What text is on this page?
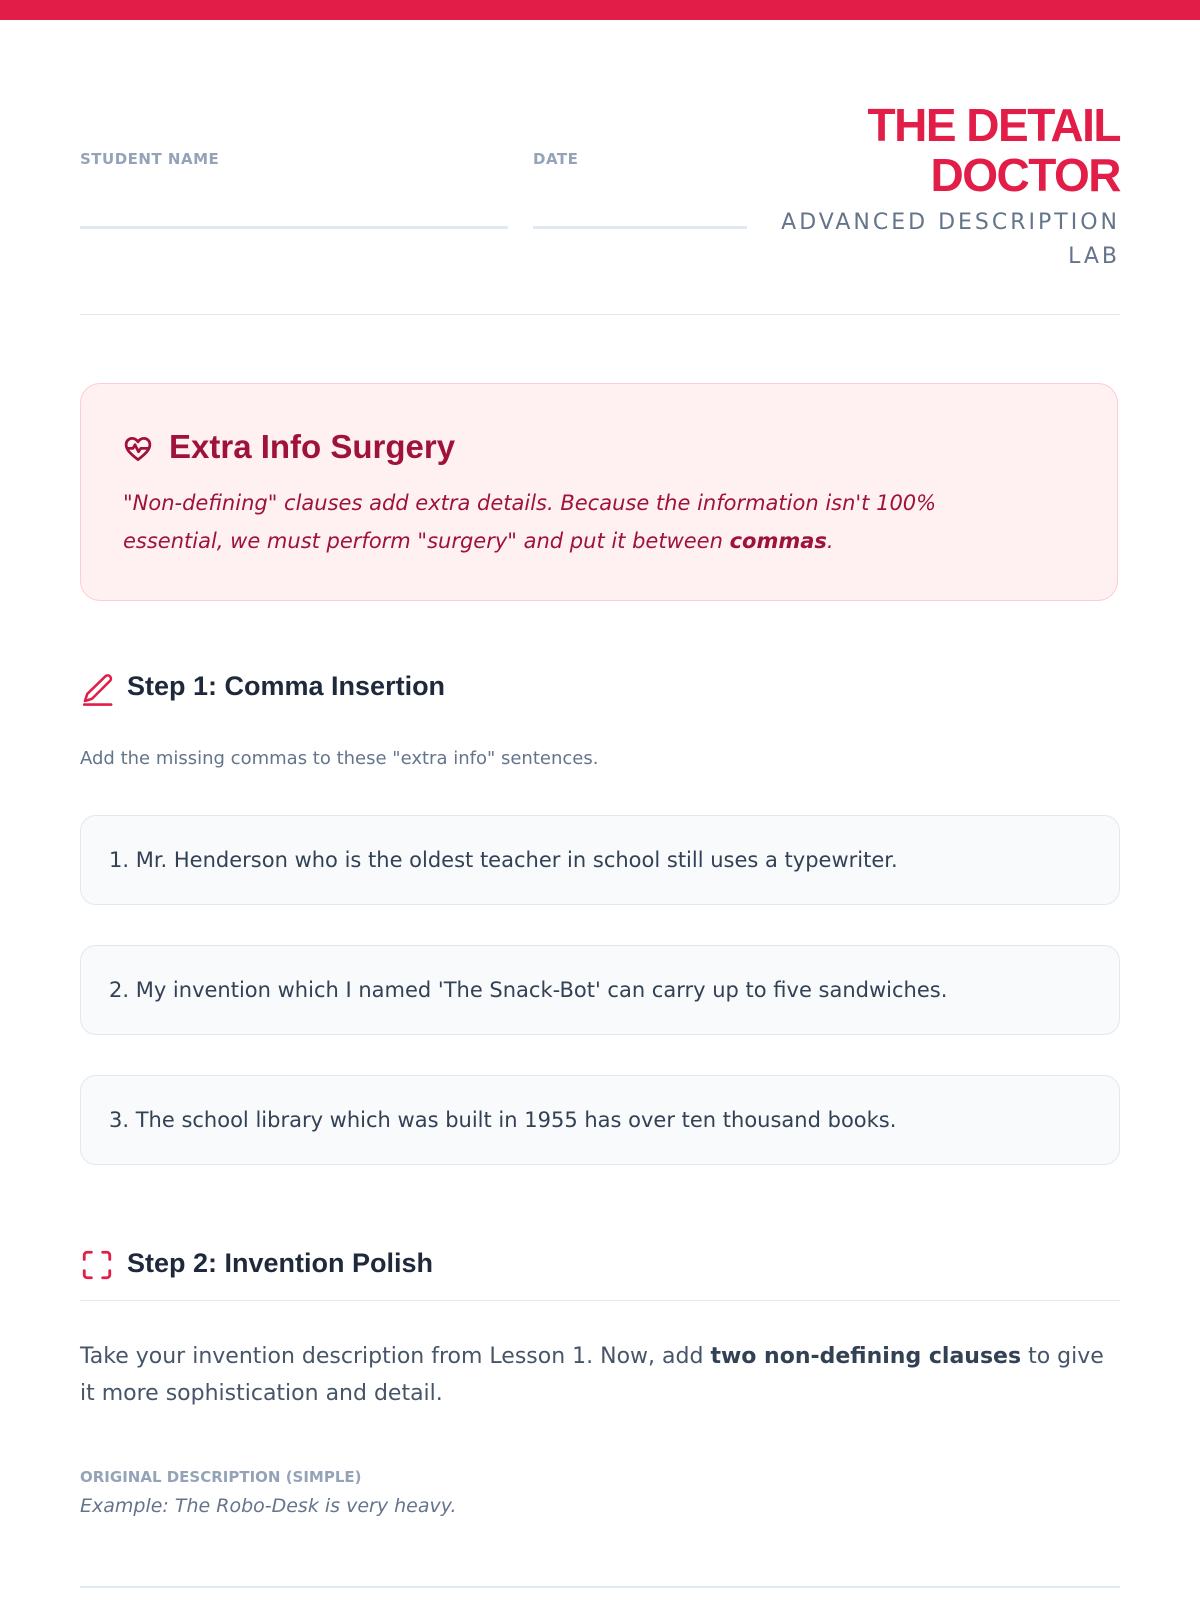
STUDENT NAME	DATE
THE DETAIL DOCTOR
ADVANCED DESCRIPTION LAB
Extra Info Surgery
"Non-defining" clauses add extra details. Because the information isn't 100% essential, we must perform "surgery" and put it between commas.
Step 1: Comma Insertion
Add the missing commas to these "extra info" sentences.
1. Mr. Henderson who is the oldest teacher in school still uses a typewriter.
2. My invention which I named 'The Snack-Bot' can carry up to five sandwiches.
3. The school library which was built in 1955 has over ten thousand books.
Step 2: Invention Polish
Take your invention description from Lesson 1. Now, add two non-defining clauses to give it more sophistication and detail.
ORIGINAL DESCRIPTION (SIMPLE)
Example: The Robo-Desk is very heavy.
